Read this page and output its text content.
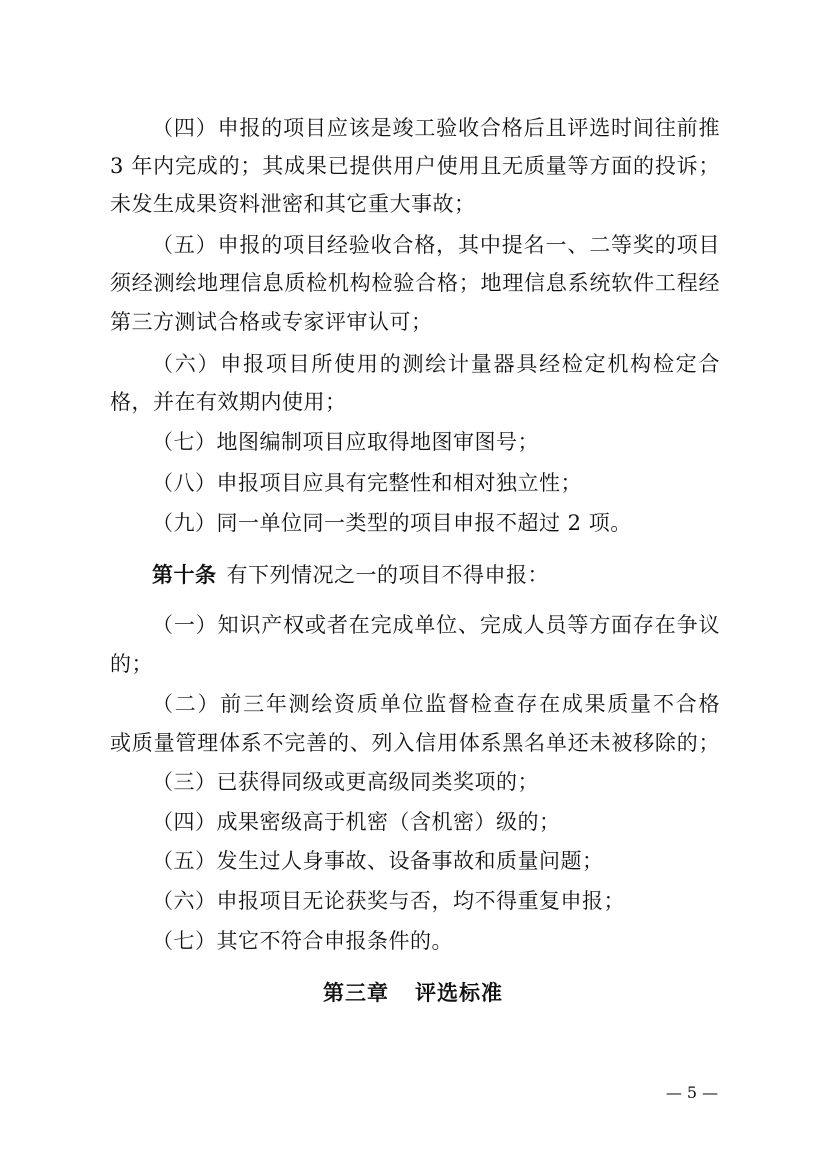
（四）申报的项目应该是竣工验收合格后且评选时间往前推
3 年内完成的；其成果已提供用户使用且无质量等方面的投诉；
未发生成果资料泄密和其它重大事故；
（五）申报的项目经验收合格，其中提名一、二等奖的项目
须经测绘地理信息质检机构检验合格；地理信息系统软件工程经
第三方测试合格或专家评审认可；
（六）申报项目所使用的测绘计量器具经检定机构检定合
格，并在有效期内使用；
（七）地图编制项目应取得地图审图号；
（八）申报项目应具有完整性和相对独立性；
（九）同一单位同一类型的项目申报不超过 2 项。
第十条 有下列情况之一的项目不得申报：
（一）知识产权或者在完成单位、完成人员等方面存在争议
的；
（二）前三年测绘资质单位监督检查存在成果质量不合格
或质量管理体系不完善的、列入信用体系黑名单还未被移除的；
（三）已获得同级或更高级同类奖项的；
（四）成果密级高于机密（含机密）级的；
（五）发生过人身事故、设备事故和质量问题；
（六）申报项目无论获奖与否，均不得重复申报；
（七）其它不符合申报条件的。
第三章 评选标准
— 5 —
